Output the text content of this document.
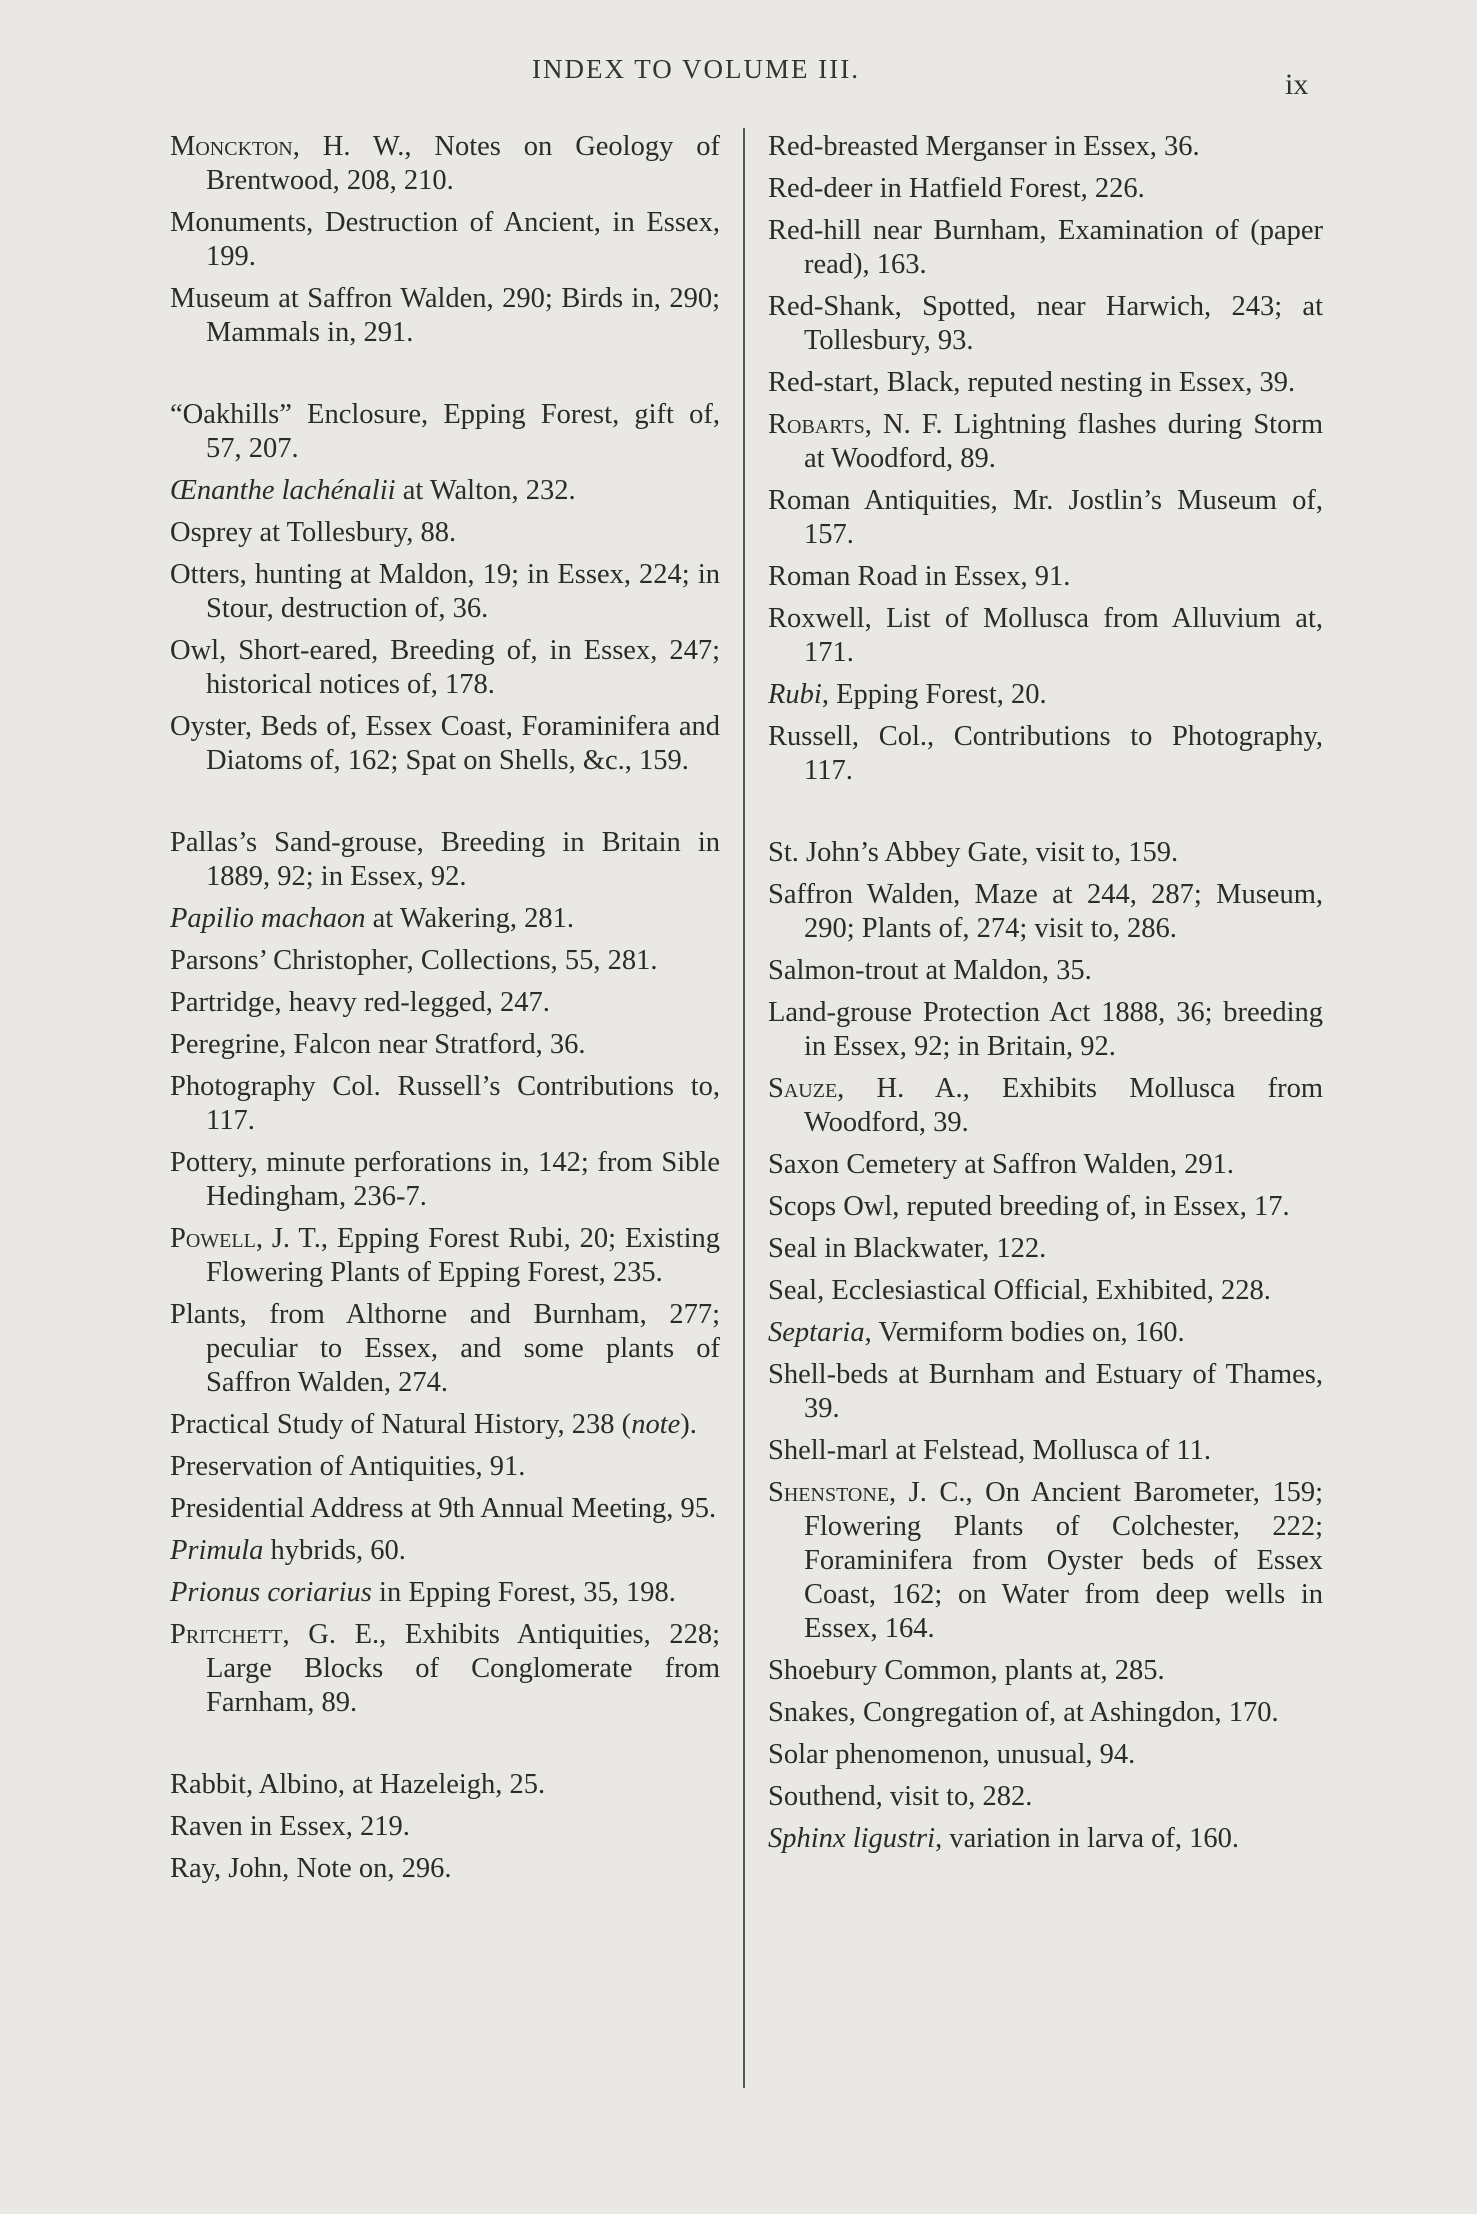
INDEX TO VOLUME III.	ix

Monckton, H. W., Notes on Geology of Brentwood, 208, 210.

Monuments, Destruction of Ancient, in Essex, 199.

Museum at Saffron Walden, 290; Birds in, 290; Mammals in, 291.

“Oakhills” Enclosure, Epping Forest, gift of, 57, 207.

Œnanthe lachénalii at Walton, 232.

Osprey at Tollesbury, 88.

Otters, hunting at Maldon, 19; in Essex, 224; in Stour, destruction of, 36.

Owl, Short-eared, Breeding of, in Essex, 247; historical notices of, 178.

Oyster, Beds of, Essex Coast, Foraminifera and Diatoms of, 162; Spat on Shells, &c., 159.

Pallas’s Sand-grouse, Breeding in Britain in 1889, 92; in Essex, 92.

Papilio machaon at Wakering, 281.

Parsons’ Christopher, Collections, 55, 281.

Partridge, heavy red-legged, 247.

Peregrine, Falcon near Stratford, 36.

Photography Col. Russell’s Contributions to, 117.

Pottery, minute perforations in, 142; from Sible Hedingham, 236-7.

Powell, J. T., Epping Forest Rubi, 20; Existing Flowering Plants of Epping Forest, 235.

Plants, from Althorne and Burnham, 277; peculiar to Essex, and some plants of Saffron Walden, 274.

Practical Study of Natural History, 238 (note).

Preservation of Antiquities, 91.

Presidential Address at 9th Annual Meeting, 95.

Primula hybrids, 60.

Prionus coriarius in Epping Forest, 35, 198.

Pritchett, G. E., Exhibits Antiquities, 228; Large Blocks of Conglomerate from Farnham, 89.

Rabbit, Albino, at Hazeleigh, 25.

Raven in Essex, 219.

Ray, John, Note on, 296.

Red-breasted Merganser in Essex, 36.

Red-deer in Hatfield Forest, 226.

Red-hill near Burnham, Examination of (paper read), 163.

Red-Shank, Spotted, near Harwich, 243; at Tollesbury, 93.

Red-start, Black, reputed nesting in Essex, 39.

Robarts, N. F. Lightning flashes during Storm at Woodford, 89.

Roman Antiquities, Mr. Jostlin’s Museum of, 157.

Roman Road in Essex, 91.

Roxwell, List of Mollusca from Alluvium at, 171.

Rubi, Epping Forest, 20.

Russell, Col., Contributions to Photography, 117.

St. John’s Abbey Gate, visit to, 159.

Saffron Walden, Maze at 244, 287; Museum, 290; Plants of, 274; visit to, 286.

Salmon-trout at Maldon, 35.

Land-grouse Protection Act 1888, 36; breeding in Essex, 92; in Britain, 92.

Sauze, H. A., Exhibits Mollusca from Woodford, 39.

Saxon Cemetery at Saffron Walden, 291.

Scops Owl, reputed breeding of, in Essex, 17.

Seal in Blackwater, 122.

Seal, Ecclesiastical Official, Exhibited, 228.

Septaria, Vermiform bodies on, 160.

Shell-beds at Burnham and Estuary of Thames, 39.

Shell-marl at Felstead, Mollusca of 11.

Shenstone, J. C., On Ancient Barometer, 159; Flowering Plants of Colchester, 222; Foraminifera from Oyster beds of Essex Coast, 162; on Water from deep wells in Essex, 164.

Shoebury Common, plants at, 285.

Snakes, Congregation of, at Ashingdon, 170.

Solar phenomenon, unusual, 94.

Southend, visit to, 282.

Sphinx ligustri, variation in larva of, 160.
